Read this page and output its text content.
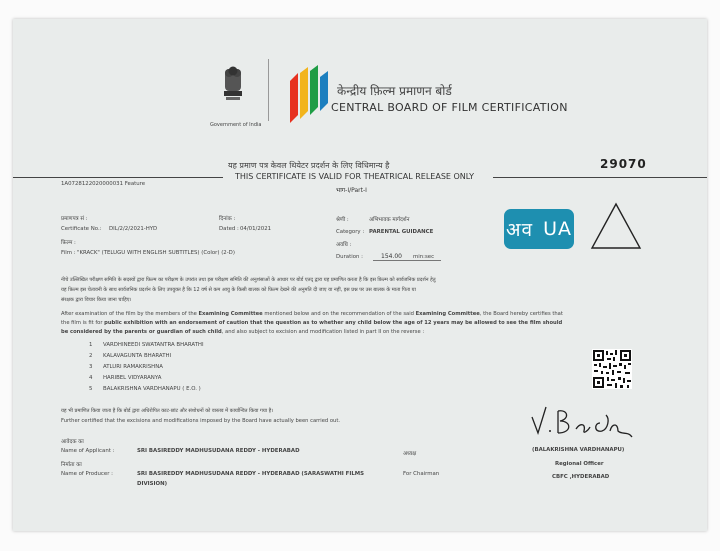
Government of India
केन्द्रीय फ़िल्म प्रमाणन बोर्ड
CENTRAL BOARD OF FILM CERTIFICATION
यह प्रमाण पत्र केवल थियेटर प्रदर्शन के लिए विधिमान्य है
THIS CERTIFICATE IS VALID FOR THEATRICAL RELEASE ONLY
भाग-I/Part-I
29070
1A0728122020000031 Feature
प्रमाणपत्र सं :
Certificate No.: DIL/2/2/2021-HYD
दिनांक :
Dated : 04/01/2021
श्रेणी :	अभिभावक मार्गदर्शन
Category : PARENTAL GUIDANCE
फ़िल्म :
Film : "KRACK" (TELUGU WITH ENGLISH SUBTITLES) (Color) (2-D)
अवधि :
Duration :	154.00 min:sec
अव UA
नीचे उल्लिखित परीक्षण समिति के सदस्यों द्वारा फ़िल्म का परीक्षण के उपरांत तथा इस परीक्षण समिति की अनुशंसाओं के आधार पर बोर्ड एतद् द्वारा यह प्रमाणित करता है कि इस फ़िल्म को सार्वजनिक प्रदर्शन हेतु
यह फ़िल्म इस चेतावनी के साथ सार्वजनिक प्रदर्शन के लिए उपयुक्त है कि 12 वर्ष से कम आयु के किसी बालक को फ़िल्म देखने की अनुमति दी जाए या नहीं, इस प्रश्न पर उस बालक के माता पिता या
संरक्षक द्वारा विचार किया जाना चाहिए।
After examination of the film by the members of the Examining Committee mentioned below and on the recommendation of the said Examining Committee, the Board hereby certifies that
the film is fit for public exhibition with an endorsement of caution that the question as to whether any child below the age of 12 years may be allowed to see the film should
be considered by the parents or guardian of such child, and also subject to excision and modification listed in part II on the reverse :
1 VARDHINEEDI SWATANTRA BHARATHI
2 KALAVAGUNTA BHARATHI
3 ATLURI RAMAKRISHNA
4 HARIBEL VIDYARANYA
5 BALAKRISHNA VARDHANAPU ( E.O. )
यह भी प्रमाणित किया जाता है कि बोर्ड द्वारा अधिरोपित काट-छांट और संशोधनों को वास्तव में कार्यान्वित किया गया है।
Further certified that the excisions and modifications imposed by the Board have actually been carried out.
(BALAKRISHNA VARDHANAPU)
Regional Officer
CBFC ,HYDERABAD
आवेदक का
Name of Applicant :	SRI BASIREDDY MADHUSUDANA REDDY - HYDERABAD	अध्यक्ष
निर्माता का
Name of Producer :	SRI BASIREDDY MADHUSUDANA REDDY - HYDERABAD (SARASWATHI FILMS
DIVISION)
For Chairman
